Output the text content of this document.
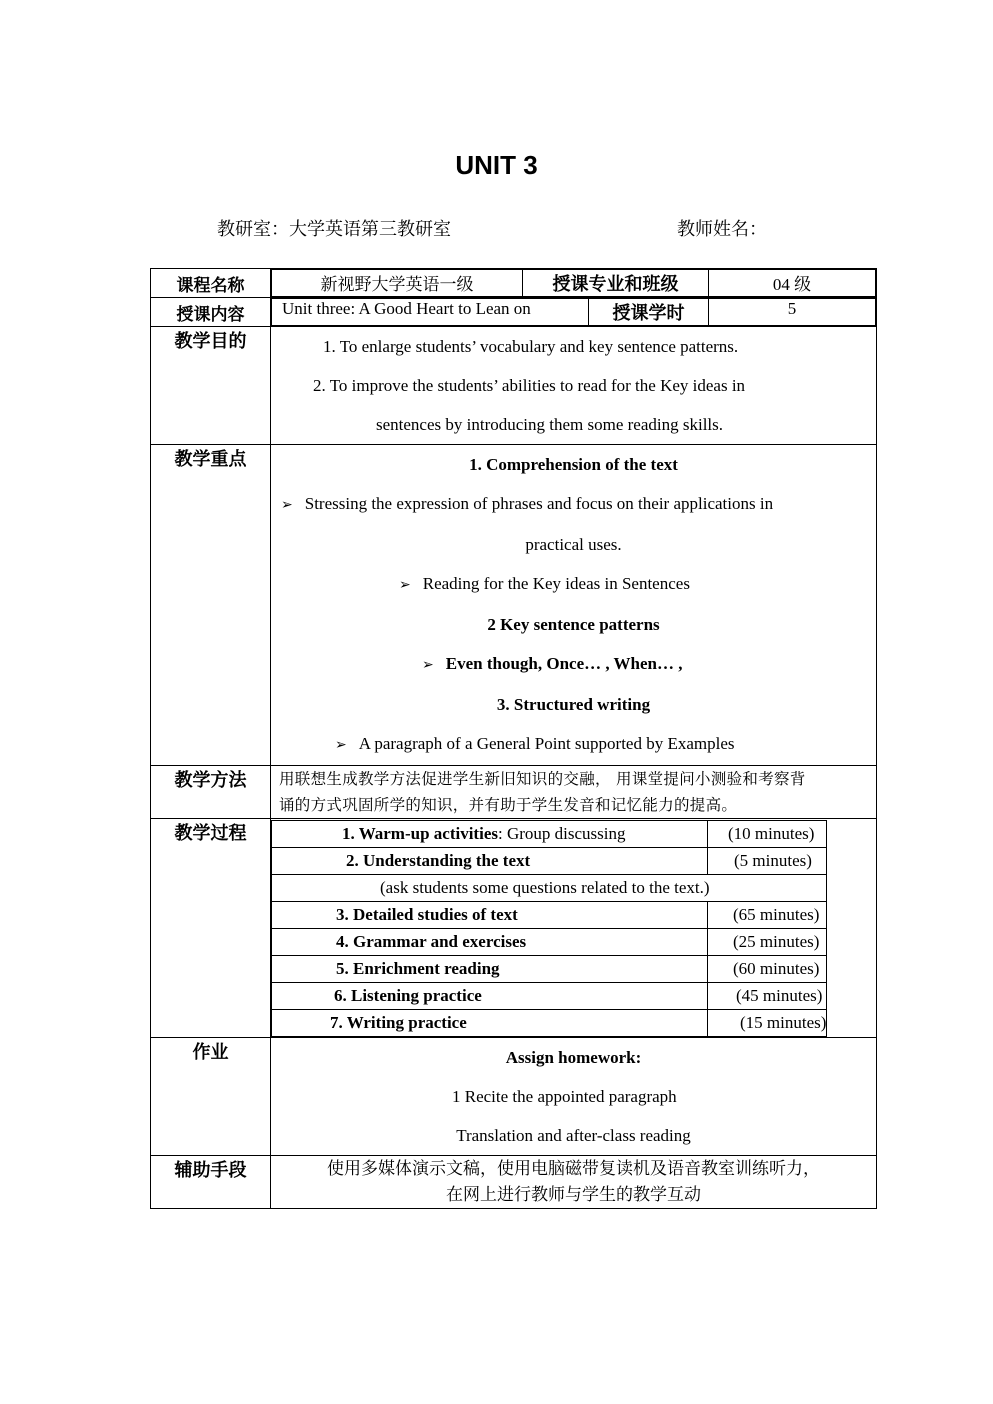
UNIT 3
教研室：大学英语第三教研室	教师姓名：
课程名称		新视野大学英语一级	授课专业和班级	04 级

授课内容	Unit three: A Good Heart to Lean on	授课学时	5

教学目的	1. To enlarge students’ vocabulary and key sentence patterns.
2. To improve the students’ abilities to read for the Key ideas in
sentences by introducing them some reading skills.

教学重点	1. Comprehension of the text
➢ Stressing the expression of phrases and focus on their applications in
practical uses.
➢ Reading for the Key ideas in Sentences
2 Key sentence patterns
➢ Even though, Once… , When… ,
3. Structured writing
➢ A paragraph of a General Point supported by Examples

教学方法	用联想生成教学方法促进学生新旧知识的交融， 用课堂提问小测验和考察背
诵的方式巩固所学的知识，并有助于学生发音和记忆能力的提高。

教学过程		1. Warm-up activities: Group discussing	(10 minutes)
2. Understanding the text	(5 minutes)
(ask students some questions related to the text.)
3. Detailed studies of text	(65 minutes)
4. Grammar and exercises	(25 minutes)
5. Enrichment reading	(60 minutes)
6. Listening practice	(45 minutes)
7. Writing practice	(15 minutes)

作业	Assign homework:
1 Recite the appointed paragraph
Translation and after-class reading

辅助手段	使用多媒体演示文稿，使用电脑磁带复读机及语音教室训练听力，
在网上进行教师与学生的教学互动
